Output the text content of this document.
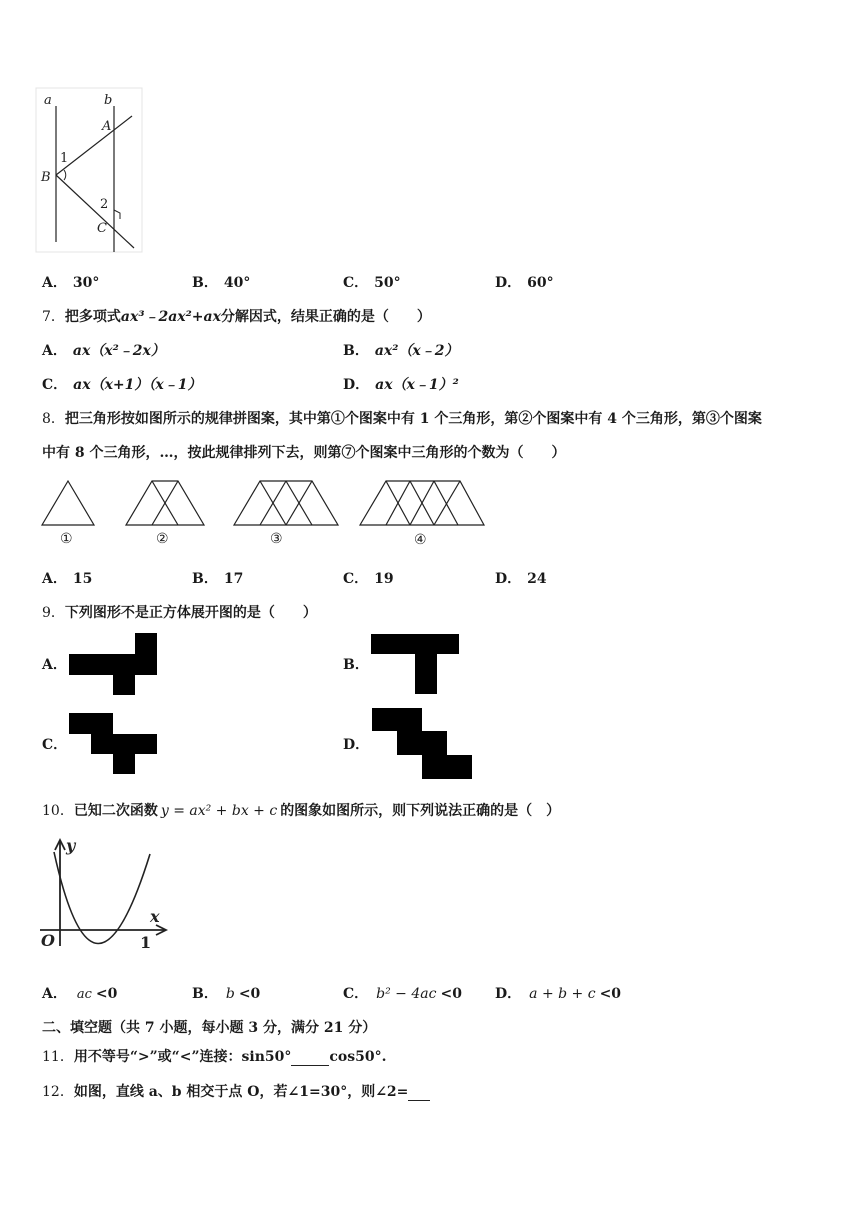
a	b
A
B
C
1
2
A． 30°	B． 40°	C． 50°	D． 60°
7．把多项式ax³﹣2ax²+ax分解因式，结果正确的是（　　）
A． ax（x²﹣2x）	B． ax²（x﹣2）
C． ax（x+1）（x﹣1）	D． ax（x﹣1）²
8．把三角形按如图所示的规律拼图案，其中第①个图案中有 1 个三角形，第②个图案中有 4 个三角形，第③个图案
中有 8 个三角形，…，按此规律排列下去，则第⑦个图案中三角形的个数为（　　）
①	②	③	④
A． 15	B． 17	C． 19	D． 24
9．下列图形不是正方体展开图的是（　　）
A．	B．
C．	D．
10．已知二次函数 y = ax² + bx + c 的图象如图所示，则下列说法正确的是（　）
y
x
O	1
A． ac <0	B． b <0	C． b² − 4ac <0 D． a + b + c <0
二、填空题（共 7 小题，每小题 3 分，满分 21 分）
11．用不等号“>”或“<”连接：sin50°	cos50°.
12．如图，直线 a、b 相交于点 O，若∠1=30°，则∠2=
